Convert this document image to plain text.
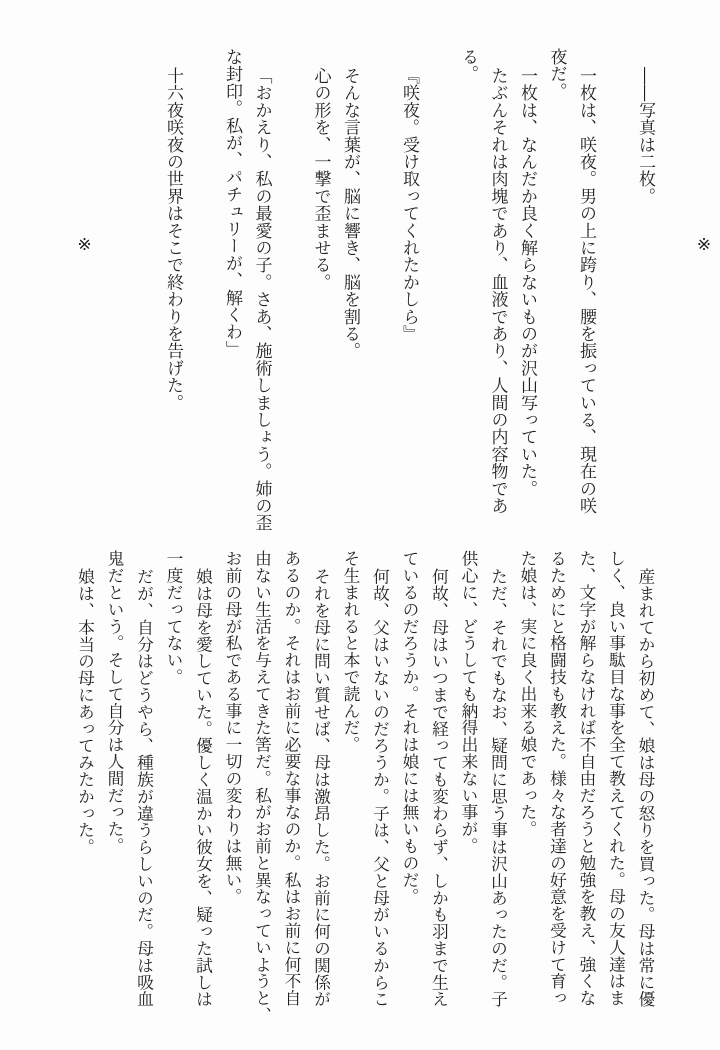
※
――写真は二枚。
一枚は、咲夜。男の上に跨り、腰を振っている、現在の咲
夜だ。
一枚は、なんだか良く解らないものが沢山写っていた。
たぶんそれは肉塊であり、血液であり、人間の内容物であ
る。
『咲夜。受け取ってくれたかしら』
そんな言葉が、脳に響き、脳を割る。
心の形を、一撃で歪ませる。
「おかえり、私の最愛の子。さあ、施術しましょう。姉の歪
な封印。私が、パチュリーが、解くわ」
十六夜咲夜の世界はそこで終わりを告げた。
※
産まれてから初めて、娘は母の怒りを買った。母は常に優
しく、良い事駄目な事を全て教えてくれた。母の友人達はま
た、文字が解らなければ不自由だろうと勉強を教え、強くな
るためにと格闘技も教えた。様々な者達の好意を受けて育っ
た娘は、実に良く出来る娘であった。
ただ、それでもなお、疑問に思う事は沢山あったのだ。子
供心に、どうしても納得出来ない事が。
何故、母はいつまで経っても変わらず、しかも羽まで生え
ているのだろうか。それは娘には無いものだ。
何故、父はいないのだろうか。子は、父と母がいるからこ
そ生まれると本で読んだ。
それを母に問い質せば、母は激昂した。お前に何の関係が
あるのか。それはお前に必要な事なのか。私はお前に何不自
由ない生活を与えてきた筈だ。私がお前と異なっていようと、
お前の母が私である事に一切の変わりは無い。
娘は母を愛していた。優しく温かい彼女を、疑った試しは
一度だってない。
だが、自分はどうやら、種族が違うらしいのだ。母は吸血
鬼だという。そして自分は人間だった。
娘は、本当の母にあってみたかった。
